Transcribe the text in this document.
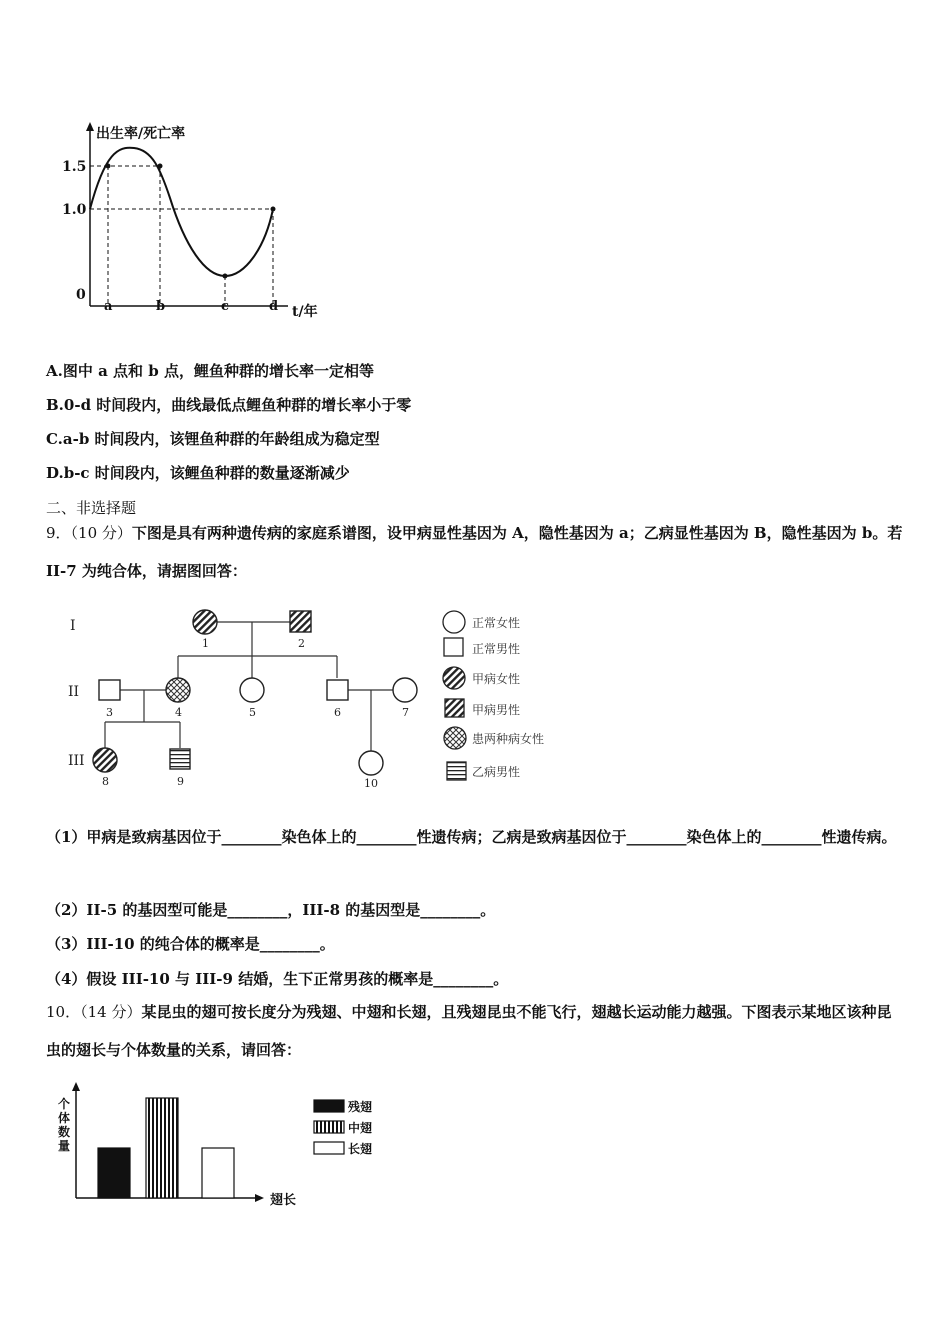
出生率/死亡率
1.5
1.0
0
a	b	c	d t/年
A.图中 a 点和 b 点，鲤鱼种群的增长率一定相等
B.0-d 时间段内，曲线最低点鲤鱼种群的增长率小于零
C.a-b 时间段内，该锂鱼种群的年龄组成为稳定型
D.b-c 时间段内，该鲤鱼种群的数量逐渐减少
二、非选择题
9．（10 分）下图是具有两种遗传病的家庭系谱图，设甲病显性基因为 A，隐性基因为 a；乙病显性基因为 B，隐性基因为 b。若 II-7 为纯合体，请据图回答：
I
II
III
1	2
3	4	5	6	7
8	9	10
正常女性
正常男性
甲病女性
甲病男性
患两种病女性
乙病男性
（1）甲病是致病基因位于________染色体上的________性遗传病；乙病是致病基因位于________染色体上的________性遗传病。
（2）II-5 的基因型可能是________，III-8 的基因型是________。
（3）III-10 的纯合体的概率是________。
（4）假设 III-10 与 III-9 结婚，生下正常男孩的概率是________。
10．（14 分）某昆虫的翅可按长度分为残翅、中翅和长翅，且残翅昆虫不能飞行，翅越长运动能力越强。下图表示某地区该种昆虫的翅长与个体数量的关系，请回答：
个体数量
翅长
残翅
中翅
长翅
